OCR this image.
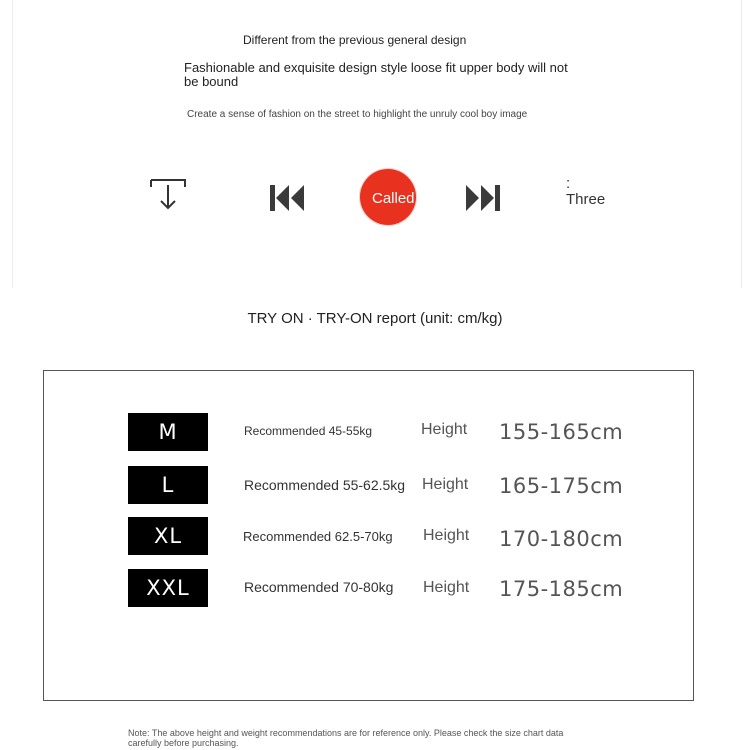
Different from the previous general design
Fashionable and exquisite design style loose fit upper body will not be bound
Create a sense of fashion on the street to highlight the unruly cool boy image
Called
:
Three
TRY ON · TRY-ON report (unit: cm/kg)
M	Recommended 45-55kg	Height 155-165cm
L	Recommended 55-62.5kg Height 165-175cm
XL	Recommended 62.5-70kg Height 170-180cm
XXL	Recommended 70-80kg Height 175-185cm
Note: The above height and weight recommendations are for reference only. Please check the size chart data carefully before purchasing.
